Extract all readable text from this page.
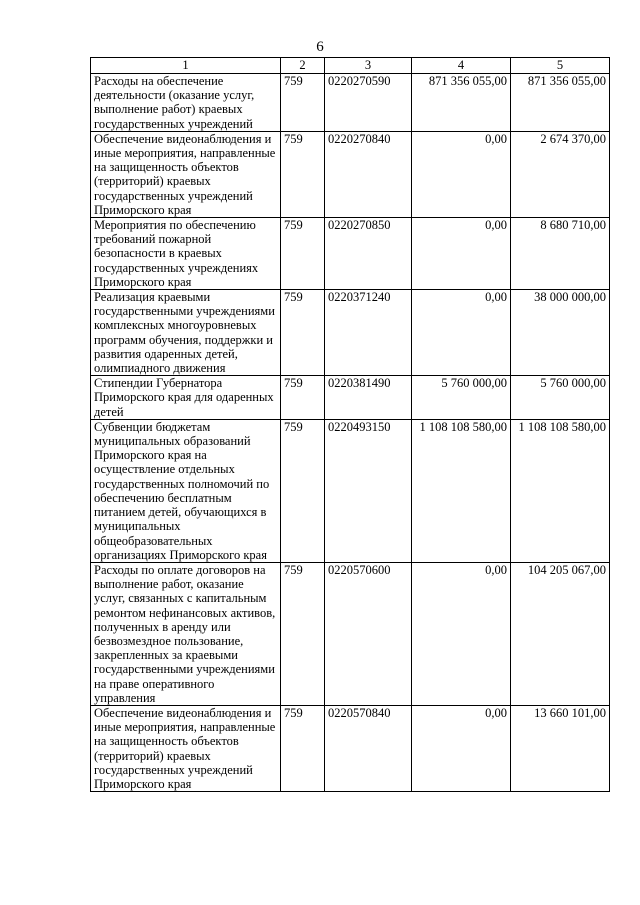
6
1	2	3	4	5
Расходы на обеспечение деятельности (оказание услуг, выполнение работ) краевых государственных учреждений	759	0220270590	871 356 055,00	871 356 055,00
Обеспечение видеонаблюдения и иные мероприятия, направленные на защищенность объектов (территорий) краевых государственных учреждений Приморского края	759	0220270840	0,00	2 674 370,00
Мероприятия по обеспечению требований пожарной безопасности в краевых государственных учреждениях Приморского края	759	0220270850	0,00	8 680 710,00
Реализация краевыми государственными учреждениями комплексных многоуровневых программ обучения, поддержки и развития одаренных детей, олимпиадного движения	759	0220371240	0,00	38 000 000,00
Стипендии Губернатора Приморского края для одаренных детей	759	0220381490	5 760 000,00	5 760 000,00
Субвенции бюджетам муниципальных образований Приморского края на осуществление отдельных государственных полномочий по обеспечению бесплатным питанием детей, обучающихся в муниципальных общеобразовательных организациях Приморского края	759	0220493150	1 108 108 580,00	1 108 108 580,00
Расходы по оплате договоров на выполнение работ, оказание услуг, связанных с капитальным ремонтом нефинансовых активов, полученных в аренду или безвозмездное пользование, закрепленных за краевыми государственными учреждениями на праве оперативного управления	759	0220570600	0,00	104 205 067,00
Обеспечение видеонаблюдения и иные мероприятия, направленные на защищенность объектов (территорий) краевых государственных учреждений Приморского края	759	0220570840	0,00	13 660 101,00
